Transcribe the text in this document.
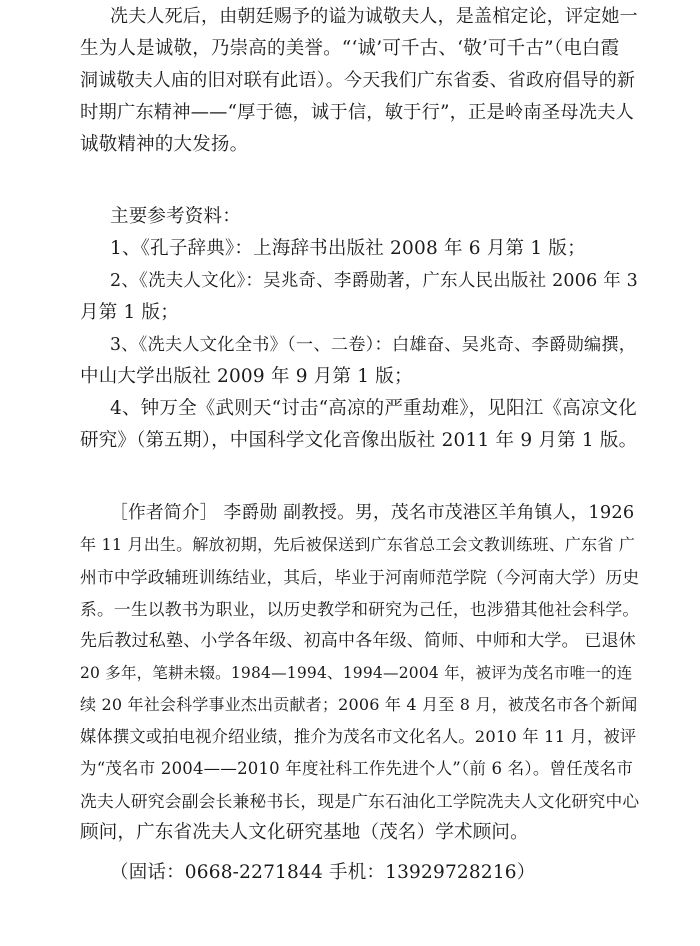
冼夫人死后，由朝廷赐予的谥为诚敬夫人，是盖棺定论，评定她一
生为人是诚敬，乃崇高的美誉。“‘诚’可千古、‘敬’可千古”（电白霞
洞诚敬夫人庙的旧对联有此语）。今天我们广东省委、省政府倡导的新
时期广东精神——“厚于德，诚于信，敏于行”，正是岭南圣母冼夫人
诚敬精神的大发扬。
主要参考资料：
1、《孔子辞典》：上海辞书出版社 2008 年 6 月第 1 版；
2、《冼夫人文化》：吴兆奇、李爵勋著，广东人民出版社 2006 年 3
月第 1 版；
3、《冼夫人文化全书》（一、二卷）：白雄奋、吴兆奇、李爵勋编撰，
中山大学出版社 2009 年 9 月第 1 版；
4、钟万全《武则天“讨击“高凉的严重劫难》，见阳江《高凉文化
研究》（第五期），中国科学文化音像出版社 2011 年 9 月第 1 版。
［作者简介］ 李爵勋 副教授。男，茂名市茂港区羊角镇人，1926
年 11 月出生。解放初期，先后被保送到广东省总工会文教训练班、广东省 广
州市中学政辅班训练结业，其后，毕业于河南师范学院（今河南大学）历史
系。一生以教书为职业，以历史教学和研究为己任，也涉猎其他社会科学。
先后教过私塾、小学各年级、初高中各年级、简师、中师和大学。 已退休
20 多年，笔耕未辍。1984—1994、1994—2004 年，被评为茂名市唯一的连
续 20 年社会科学事业杰出贡献者；2006 年 4 月至 8 月，被茂名市各个新闻
媒体撰文或拍电视介绍业绩，推介为茂名市文化名人。2010 年 11 月，被评
为“茂名市 2004——2010 年度社科工作先进个人”（前 6 名）。曾任茂名市
冼夫人研究会副会长兼秘书长，现是广东石油化工学院冼夫人文化研究中心
顾问，广东省冼夫人文化研究基地（茂名）学术顾问。
（固话：0668-2271844 手机：13929728216）
